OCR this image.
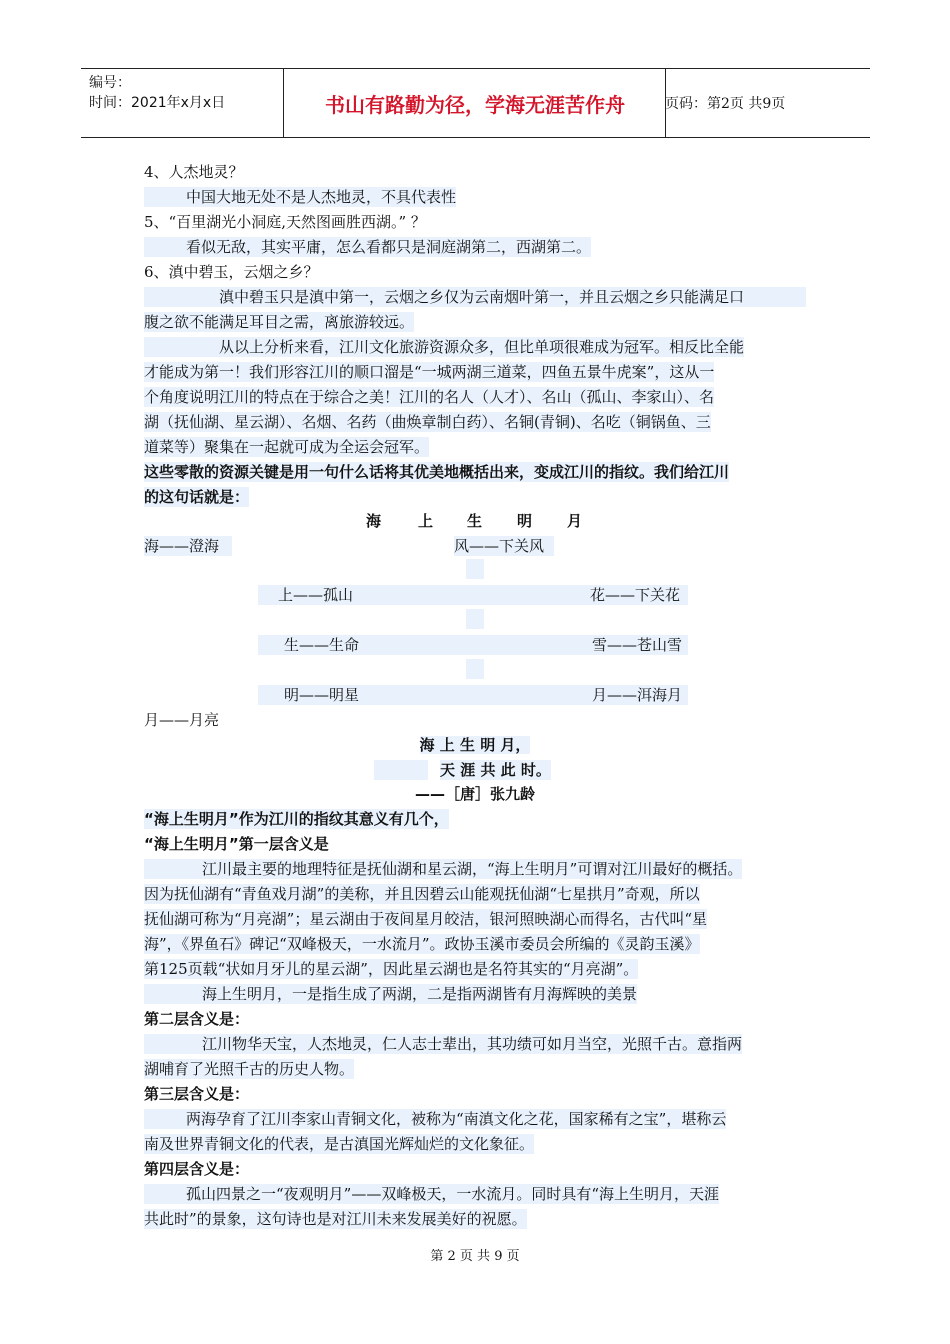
编号：
时间：2021年x月x日	书山有路勤为径，学海无涯苦作舟	页码：第2页 共9页
4、人杰地灵？
中国大地无处不是人杰地灵，不具代表性
5、“百里湖光小洞庭,天然图画胜西湖。” ？
看似无敌，其实平庸，怎么看都只是洞庭湖第二，西湖第二。
6、滇中碧玉，云烟之乡？
滇中碧玉只是滇中第一，云烟之乡仅为云南烟叶第一，并且云烟之乡只能满足口
腹之欲不能满足耳目之需，离旅游较远。
从以上分析来看，江川文化旅游资源众多，但比单项很难成为冠军。相反比全能
才能成为第一！我们形容江川的顺口溜是“一城两湖三道菜，四鱼五景牛虎案”，这从一
个角度说明江川的特点在于综合之美！江川的名人（人才）、名山（孤山、李家山）、名
湖（抚仙湖、星云湖）、名烟、名药（曲焕章制白药）、名铜(青铜)、名吃（铜锅鱼、三
道菜等）聚集在一起就可成为全运会冠军。
这些零散的资源关键是用一句什么话将其优美地概括出来，变成江川的指纹。我们给江川
的这句话就是：
海 上 生 明 月
海——澄海	风——下关风
上——孤山	花——下关花
生——生命	雪——苍山雪
明——明星	月——洱海月
月——月亮
海 上 生 明 月，
天 涯 共 此 时。
——［唐］张九龄
“海上生明月”作为江川的指纹其意义有几个，
“海上生明月”第一层含义是
江川最主要的地理特征是抚仙湖和星云湖，“海上生明月”可谓对江川最好的概括。
因为抚仙湖有“青鱼戏月湖”的美称，并且因碧云山能观抚仙湖“七星拱月”奇观，所以
抚仙湖可称为“月亮湖”；星云湖由于夜间星月皎洁，银河照映湖心而得名，古代叫“星
海”，《界鱼石》碑记“双峰极天，一水流月”。政协玉溪市委员会所编的《灵韵玉溪》
第125页载“状如月牙儿的星云湖”，因此星云湖也是名符其实的“月亮湖”。
海上生明月，一是指生成了两湖，二是指两湖皆有月海辉映的美景
第二层含义是：
江川物华天宝，人杰地灵，仁人志士辈出，其功绩可如月当空，光照千古。意指两
湖哺育了光照千古的历史人物。
第三层含义是：
两海孕育了江川李家山青铜文化，被称为“南滇文化之花，国家稀有之宝”，堪称云
南及世界青铜文化的代表，是古滇国光辉灿烂的文化象征。
第四层含义是：
孤山四景之一“夜观明月”——双峰极天，一水流月。同时具有“海上生明月，天涯
共此时”的景象，这句诗也是对江川未来发展美好的祝愿。
第 2 页 共 9 页
